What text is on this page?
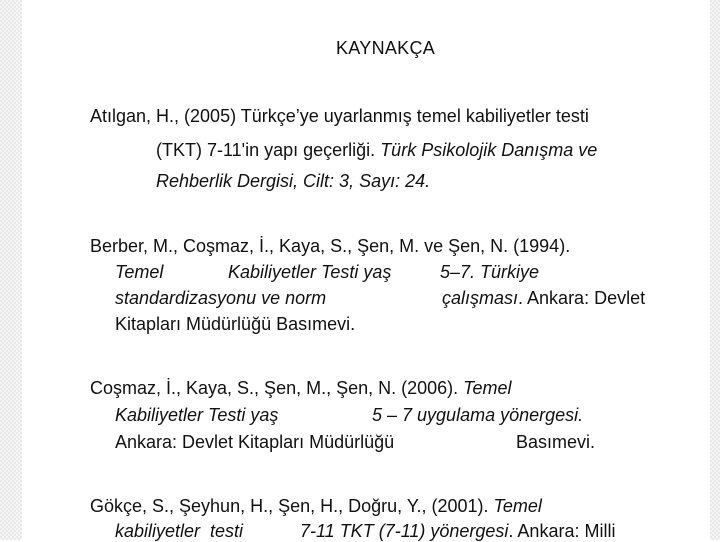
KAYNAKÇA
Atılgan, H., (2005) Türkçe’ye uyarlanmış temel kabiliyetler testi
(TKT) 7-11'in yapı geçerliği. Türk Psikolojik Danışma ve
Rehberlik Dergisi, Cilt: 3, Sayı: 24.
Berber, M., Coşmaz, İ., Kaya, S., Şen, M. ve Şen, N. (1994).
Temel	Kabiliyetler Testi yaş	5–7. Türkiye
standardizasyonu ve norm	çalışması. Ankara: Devlet
Kitapları Müdürlüğü Basımevi.
Coşmaz, İ., Kaya, S., Şen, M., Şen, N. (2006). Temel
Kabiliyetler Testi yaş	5 – 7 uygulama yönergesi.
Ankara: Devlet Kitapları Müdürlüğü	Basımevi.
Gökçe, S., Şeyhun, H., Şen, H., Doğru, Y., (2001). Temel
kabiliyetler  testi	7-11 TKT (7-11) yönergesi. Ankara: Milli
